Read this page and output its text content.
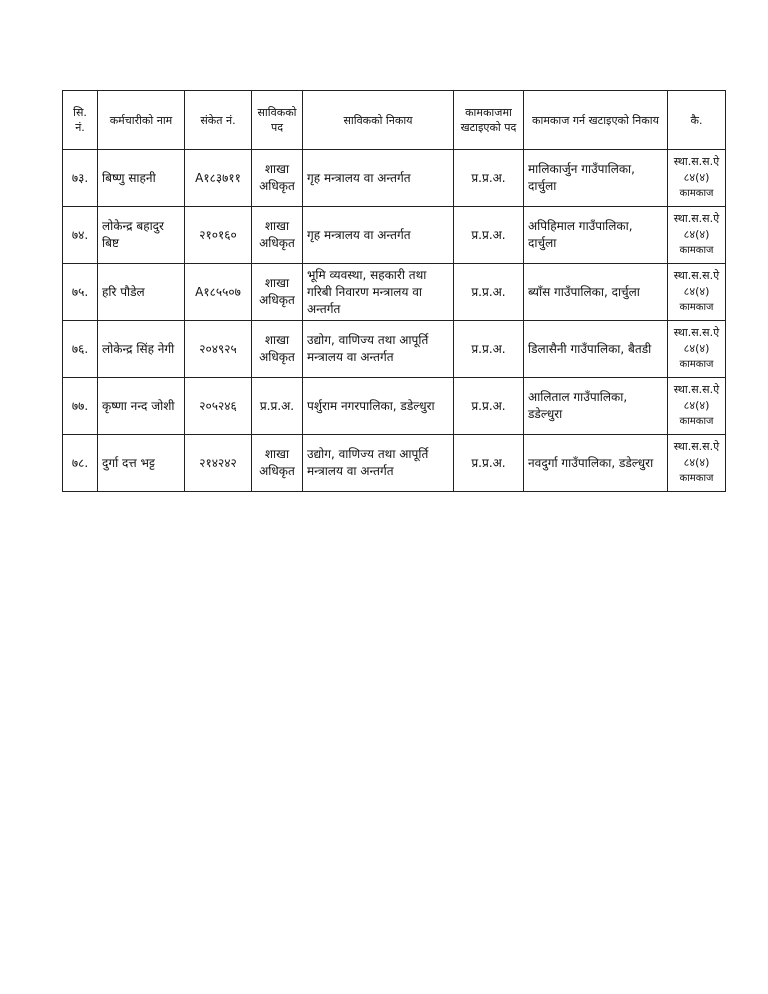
सि. नं.	कर्मचारीको नाम	संकेत नं.	साविकको पद	साविकको निकाय	कामकाजमा खटाइएको पद	कामकाज गर्न खटाइएको निकाय	कै.
७३.	बिष्णु साहनी	A१८३७११	शाखा अधिकृत	गृह मन्त्रालय वा अन्तर्गत	प्र.प्र.अ.	मालिकार्जुन गाउँपालिका, दार्चुला	स्था.स.स.ऐ
८४(४)
कामकाज

७४.	लोकेन्द्र बहादुर बिष्ट	२१०१६०	शाखा अधिकृत	गृह मन्त्रालय वा अन्तर्गत	प्र.प्र.अ.	अपिहिमाल गाउँपालिका, दार्चुला	स्था.स.स.ऐ
८४(४)
कामकाज

७५.	हरि पौडेल	A१८५५०७	शाखा अधिकृत	भूमि व्यवस्था, सहकारी तथा गरिबी निवारण मन्त्रालय वा अन्तर्गत	प्र.प्र.अ.	ब्याँस गाउँपालिका, दार्चुला	स्था.स.स.ऐ
८४(४)
कामकाज

७६.	लोकेन्द्र सिंह नेगी	२०४९२५	शाखा अधिकृत	उद्योग, वाणिज्य तथा आपूर्ति मन्त्रालय वा अन्तर्गत	प्र.प्र.अ.	डिलासैनी गाउँपालिका, बैतडी	स्था.स.स.ऐ
८४(४)
कामकाज

७७.	कृष्णा नन्द जोशी	२०५२४६	प्र.प्र.अ.	पर्शुराम नगरपालिका, डडेल्धुरा	प्र.प्र.अ.	आलिताल गाउँपालिका, डडेल्धुरा	स्था.स.स.ऐ
८४(४)
कामकाज

७८.	दुर्गा दत्त भट्ट	२१४२४२	शाखा अधिकृत	उद्योग, वाणिज्य तथा आपूर्ति मन्त्रालय वा अन्तर्गत	प्र.प्र.अ.	नवदुर्गा गाउँपालिका, डडेल्धुरा	स्था.स.स.ऐ
८४(४)
कामकाज
